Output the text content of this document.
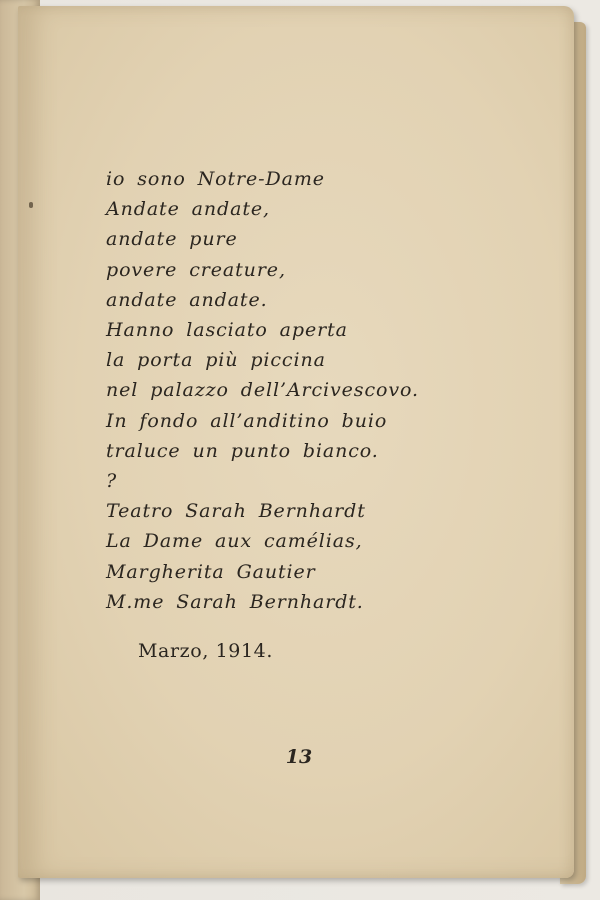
io sono Notre-Dame
Andate andate,
andate pure
povere creature,
andate andate.
Hanno lasciato aperta
la porta più piccina
nel palazzo dell’Arcivescovo.
In fondo all’anditino buio
traluce un punto bianco.
?
Teatro Sarah Bernhardt
La Dame aux camélias,
Margherita Gautier
M.me Sarah Bernhardt.
Marzo, 1914.
13
